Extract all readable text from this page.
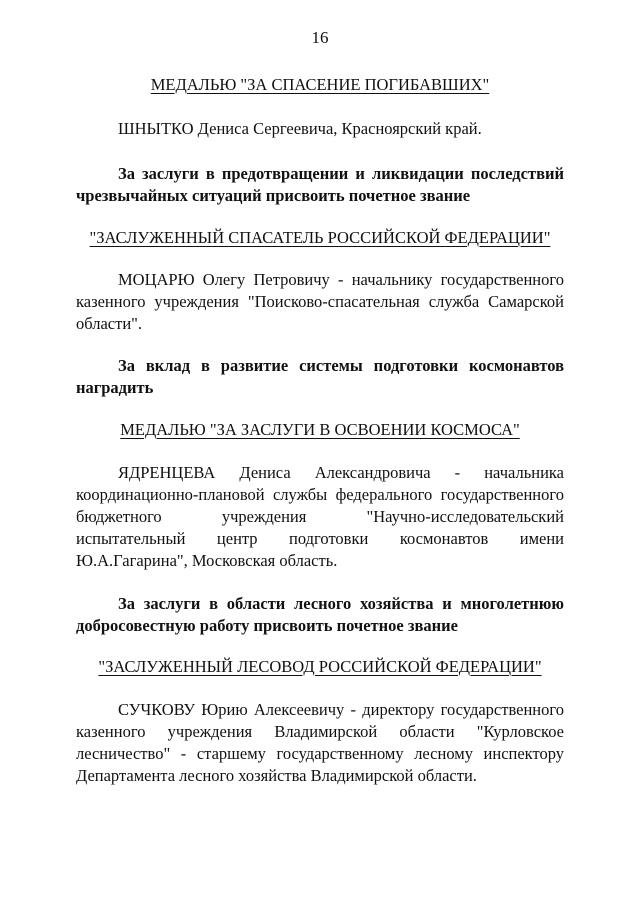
16
МЕДАЛЬЮ "ЗА СПАСЕНИЕ ПОГИБАВШИХ"
ШНЫТКО Дениса Сергеевича, Красноярский край.
За заслуги в предотвращении и ликвидации последствий чрезвычайных ситуаций присвоить почетное звание
"ЗАСЛУЖЕННЫЙ СПАСАТЕЛЬ РОССИЙСКОЙ ФЕДЕРАЦИИ"
МОЦАРЮ Олегу Петровичу - начальнику государственного казенного учреждения "Поисково-спасательная служба Самарской области".
За вклад в развитие системы подготовки космонавтов наградить
МЕДАЛЬЮ "ЗА ЗАСЛУГИ В ОСВОЕНИИ КОСМОСА"
ЯДРЕНЦЕВА Дениса Александровича - начальника координационно-плановой службы федерального государственного бюджетного учреждения "Научно-исследовательский испытательный центр подготовки космонавтов имени Ю.А.Гагарина", Московская область.
За заслуги в области лесного хозяйства и многолетнюю добросовестную работу присвоить почетное звание
"ЗАСЛУЖЕННЫЙ ЛЕСОВОД РОССИЙСКОЙ ФЕДЕРАЦИИ"
СУЧКОВУ Юрию Алексеевичу - директору государственного казенного учреждения Владимирской области "Курловское лесничество" - старшему государственному лесному инспектору Департамента лесного хозяйства Владимирской области.
